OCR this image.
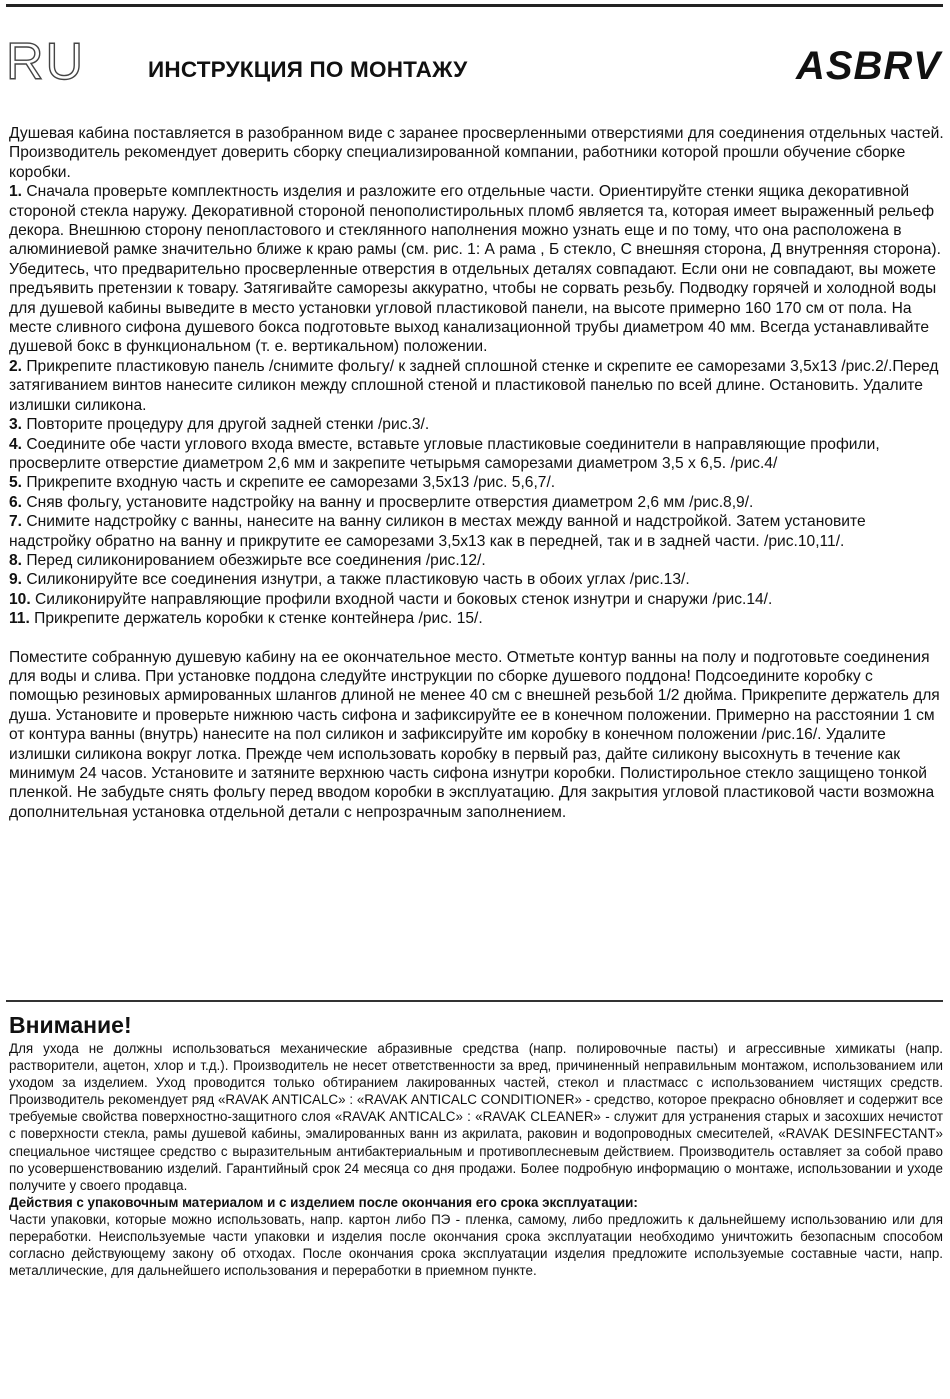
RU	ИНСТРУКЦИЯ ПО МОНТАЖУ	ASBRV

Душевая кабина поставляется в разобранном виде с заранее просверленными отверстиями для соединения отдельных частей. Производитель рекомендует доверить сборку специализированной компании, работники которой прошли обучение сборке коробки.

1. Сначала проверьте комплектность изделия и разложите его отдельные части. Ориентируйте стенки ящика декоративной стороной стекла наружу. Декоративной стороной пенополистирольных пломб является та, которая имеет выраженный рельеф декора. Внешнюю сторону пенопластового и стеклянного наполнения можно узнать еще и по тому, что она расположена в алюминиевой рамке значительно ближе к краю рамы (см. рис. 1: А рама , Б стекло, С внешняя сторона, Д внутренняя сторона). Убедитесь, что предварительно просверленные отверстия в отдельных деталях совпадают. Если они не совпадают, вы можете предъявить претензии к товару. Затягивайте саморезы аккуратно, чтобы не сорвать резьбу. Подводку горячей и холодной воды для душевой кабины выведите в место установки угловой пластиковой панели, на высоте примерно 160 170 см от пола. На месте сливного сифона душевого бокса подготовьте выход канализационной трубы диаметром 40 мм. Всегда устанавливайте душевой бокс в функциональном (т. е. вертикальном) положении.

2. Прикрепите пластиковую панель /снимите фольгу/ к задней сплошной стенке и скрепите ее саморезами 3,5x13 /рис.2/.Перед затягиванием винтов нанесите силикон между сплошной стеной и пластиковой панелью по всей длине. Остановить. Удалите излишки силикона.

3. Повторите процедуру для другой задней стенки /рис.3/.

4. Соедините обе части углового входа вместе, вставьте угловые пластиковые соединители в направляющие профили, просверлите отверстие диаметром 2,6 мм и закрепите четырьмя саморезами диаметром 3,5 x 6,5. /рис.4/

5. Прикрепите входную часть и скрепите ее саморезами 3,5x13 /рис. 5,6,7/.

6. Сняв фольгу, установите надстройку на ванну и просверлите отверстия диаметром 2,6 мм /рис.8,9/.

7. Снимите надстройку с ванны, нанесите на ванну силикон в местах между ванной и надстройкой. Затем установите надстройку обратно на ванну и прикрутите ее саморезами 3,5x13 как в передней, так и в задней части. /рис.10,11/.

8. Перед силиконированием обезжирьте все соединения /рис.12/.

9. Силиконируйте все соединения изнутри, а также пластиковую часть в обоих углах /рис.13/.

10. Силиконируйте направляющие профили входной части и боковых стенок изнутри и снаружи /рис.14/.

11. Прикрепите держатель коробки к стенке контейнера /рис. 15/.

Поместите собранную душевую кабину на ее окончательное место. Отметьте контур ванны на полу и подготовьте соединения для воды и слива. При установке поддона следуйте инструкции по сборке душевого поддона! Подсоедините коробку с помощью резиновых армированных шлангов длиной не менее 40 см с внешней резьбой 1/2 дюйма. Прикрепите держатель для душа. Установите и проверьте нижнюю часть сифона и зафиксируйте ее в конечном положении. Примерно на расстоянии 1 см от контура ванны (внутрь) нанесите на пол силикон и зафиксируйте им коробку в конечном положении /рис.16/. Удалите излишки силикона вокруг лотка. Прежде чем использовать коробку в первый раз, дайте силикону высохнуть в течение как минимум 24 часов. Установите и затяните верхнюю часть сифона изнутри коробки. Полистирольное стекло защищено тонкой пленкой. Не забудьте снять фольгу перед вводом коробки в эксплуатацию. Для закрытия угловой пластиковой части возможна дополнительная установка отдельной детали с непрозрачным заполнением.

Внимание!

Для ухода не должны использоваться механические абразивные средства (напр. полировочные пасты) и агрессивные химикаты (напр. растворители, ацетон, хлор и т.д.). Производитель не несет ответственности за вред, причиненный неправильным монтажом, использованием или уходом за изделием. Уход проводится только обтиранием лакированных частей, стекол и пластмасс с использованием чистящих средств. Производитель рекомендует ряд «RAVAK ANTICALC» : «RAVAK ANTICALC CONDITIONER» - средство, которое прекрасно обновляет и содержит все требуемые свойства поверхностно-защитного слоя «RAVAK ANTICALC» : «RAVAK CLEANER» - служит для устранения старых и засохших нечистот с поверхности стекла, рамы душевой кабины, эмалированных ванн из акрилата, раковин и водопроводных смесителей, «RAVAK DESINFECTANT» специальное чистящее средство с выразительным антибактериальным и противоплесневым действием. Производитель оставляет за собой право по усовершенствованию изделий. Гарантийный срок 24 месяца со дня продажи. Более подробную информацию о монтаже, использовании и уходе получите у своего продавца.

Действия с упаковочным материалом и с изделием после окончания его срока эксплуатации:

Части упаковки, которые можно использовать, напр. картон либо ПЭ - пленка, самому, либо предложить к дальнейшему использованию или для переработки. Неиспользуемые части упаковки и изделия после окончания срока эксплуатации необходимо уничтожить безопасным способом согласно действующему закону об отходах. После окончания срока эксплуатации изделия предложите используемые составные части, напр. металлические, для дальнейшего использования и переработки в приемном пункте.
